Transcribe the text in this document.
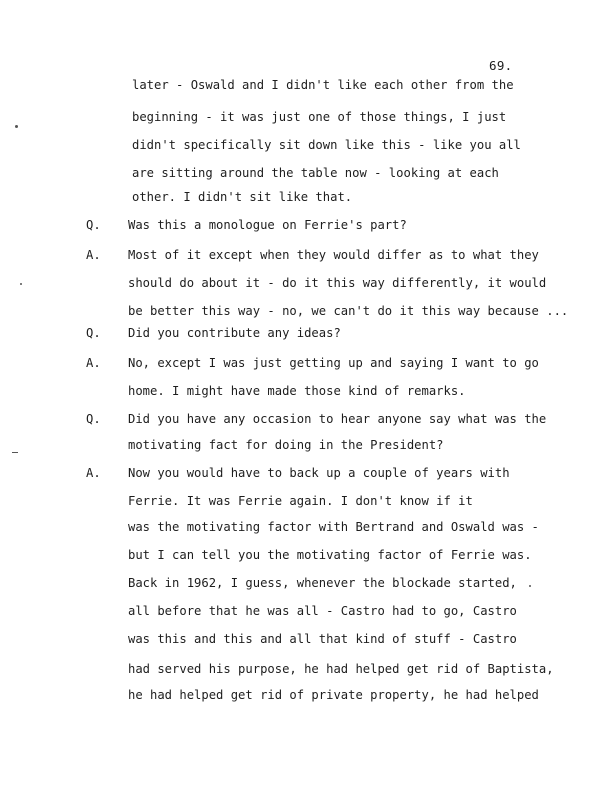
69.
later - Oswald and I didn't like each other from the
beginning - it was just one of those things, I just
didn't specifically sit down like this - like you all
are sitting around the table now - looking at each
other. I didn't sit like that.
Q. Was this a monologue on Ferrie's part?
A. Most of it except when they would differ as to what they
should do about it - do it this way differently, it would
be better this way - no, we can't do it this way because ...
Q. Did you contribute any ideas?
A. No, except I was just getting up and saying I want to go
home. I might have made those kind of remarks.
Q. Did you have any occasion to hear anyone say what was the
motivating fact for doing in the President?
A. Now you would have to back up a couple of years with
Ferrie. It was Ferrie again. I don't know if it
was the motivating factor with Bertrand and Oswald was -
but I can tell you the motivating factor of Ferrie was.
Back in 1962, I guess, whenever the blockade started,
all before that he was all - Castro had to go, Castro
was this and this and all that kind of stuff - Castro
had served his purpose, he had helped get rid of Baptista,
he had helped get rid of private property, he had helped
